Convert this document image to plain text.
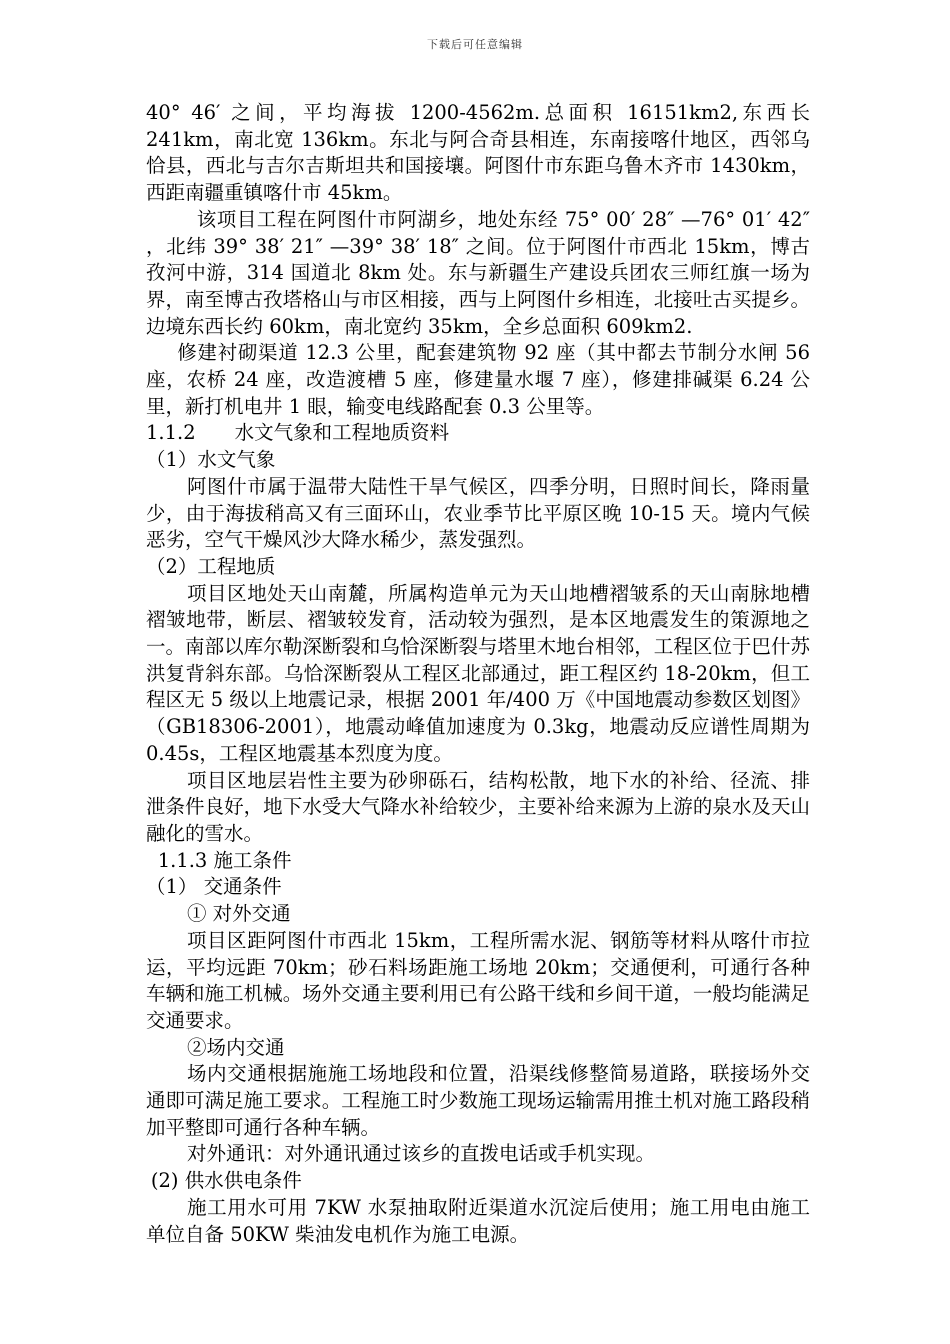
下载后可任意编辑

40° 46′ 之间，平均海拔 1200-4562m.总面积 16151km2,东西长 241km，南北宽 136km。东北与阿合奇县相连，东南接喀什地区，西邻乌恰县，西北与吉尔吉斯坦共和国接壤。阿图什市东距乌鲁木齐市 1430km，西距南疆重镇喀什市 45km。

该项目工程在阿图什市阿湖乡，地处东经 75° 00′ 28″ —76° 01′ 42″ ，北纬 39° 38′ 21″ —39° 38′ 18″ 之间。位于阿图什市西北 15km，博古孜河中游，314 国道北 8km 处。东与新疆生产建设兵团农三师红旗一场为界，南至博古孜塔格山与市区相接，西与上阿图什乡相连，北接吐古买提乡。边境东西长约 60km，南北宽约 35km，全乡总面积 609km2.

修建衬砌渠道 12.3 公里，配套建筑物 92 座（其中都去节制分水闸 56 座，农桥 24 座，改造渡槽 5 座，修建量水堰 7 座），修建排碱渠 6.24 公里，新打机电井 1 眼，输变电线路配套 0.3 公里等。

1.1.2　　水文气象和工程地质资料

（1）水文气象

阿图什市属于温带大陆性干旱气候区，四季分明，日照时间长，降雨量少，由于海拔稍高又有三面环山，农业季节比平原区晚 10-15 天。境内气候恶劣，空气干燥风沙大降水稀少，蒸发强烈。

（2）工程地质

项目区地处天山南麓，所属构造单元为天山地槽褶皱系的天山南脉地槽褶皱地带，断层、褶皱较发育，活动较为强烈，是本区地震发生的策源地之一。南部以库尔勒深断裂和乌恰深断裂与塔里木地台相邻，工程区位于巴什苏洪复背斜东部。乌恰深断裂从工程区北部通过，距工程区约 18-20km，但工程区无 5 级以上地震记录，根据 2001 年/400 万《中国地震动参数区划图》（GB18306-2001），地震动峰值加速度为 0.3kg，地震动反应谱性周期为 0.45s，工程区地震基本烈度为度。

项目区地层岩性主要为砂卵砾石，结构松散，地下水的补给、径流、排泄条件良好，地下水受大气降水补给较少，主要补给来源为上游的泉水及天山融化的雪水。

1.1.3 施工条件

（1） 交通条件

① 对外交通

项目区距阿图什市西北 15km，工程所需水泥、钢筋等材料从喀什市拉运，平均远距 70km；砂石料场距施工场地 20km；交通便利，可通行各种车辆和施工机械。场外交通主要利用已有公路干线和乡间干道，一般均能满足交通要求。

②场内交通

场内交通根据施施工场地段和位置，沿渠线修整简易道路，联接场外交通即可满足施工要求。工程施工时少数施工现场运输需用推土机对施工路段稍加平整即可通行各种车辆。

对外通讯：对外通讯通过该乡的直拨电话或手机实现。

(2) 供水供电条件

施工用水可用 7KW 水泵抽取附近渠道水沉淀后使用；施工用电由施工单位自备 50KW 柴油发电机作为施工电源。
